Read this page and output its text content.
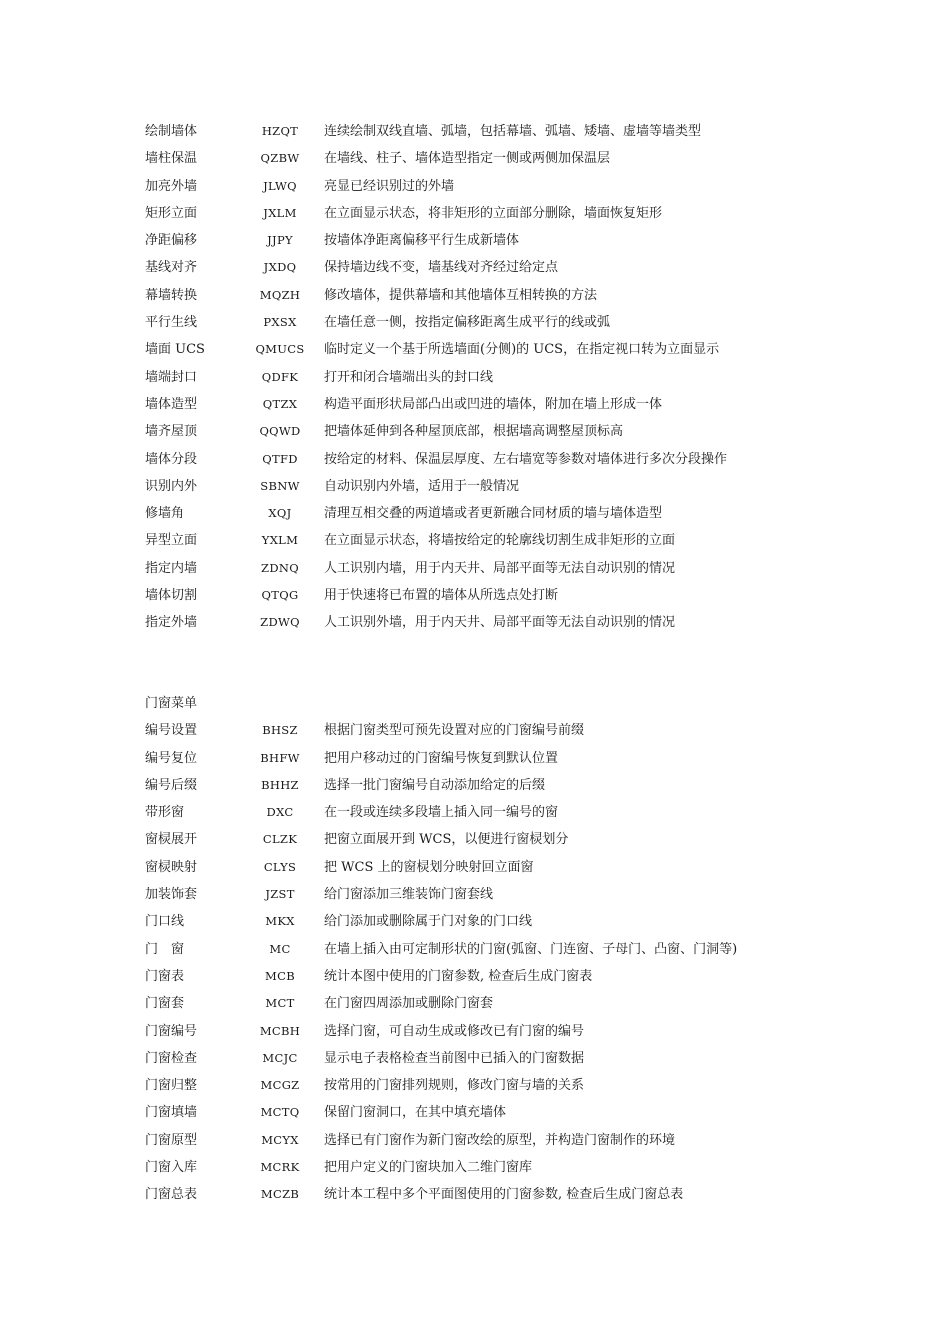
绘制墙体	HZQT	连续绘制双线直墙、弧墙，包括幕墙、弧墙、矮墙、虚墙等墙类型
墙柱保温	QZBW	在墙线、柱子、墙体造型指定一侧或两侧加保温层
加亮外墙	JLWQ	亮显已经识别过的外墙
矩形立面	JXLM	在立面显示状态，将非矩形的立面部分删除，墙面恢复矩形
净距偏移	JJPY	按墙体净距离偏移平行生成新墙体
基线对齐	JXDQ	保持墙边线不变，墙基线对齐经过给定点
幕墙转换	MQZH	修改墙体，提供幕墙和其他墙体互相转换的方法
平行生线	PXSX	在墙任意一侧，按指定偏移距离生成平行的线或弧
墙面 UCS	QMUCS	临时定义一个基于所选墙面(分侧)的 UCS，在指定视口转为立面显示
墙端封口	QDFK	打开和闭合墙端出头的封口线
墙体造型	QTZX	构造平面形状局部凸出或凹进的墙体，附加在墙上形成一体
墙齐屋顶	QQWD	把墙体延伸到各种屋顶底部，根据墙高调整屋顶标高
墙体分段	QTFD	按给定的材料、保温层厚度、左右墙宽等参数对墙体进行多次分段操作
识别内外	SBNW	自动识别内外墙，适用于一般情况
修墙角	XQJ	清理互相交叠的两道墙或者更新融合同材质的墙与墙体造型
异型立面	YXLM	在立面显示状态，将墙按给定的轮廓线切割生成非矩形的立面
指定内墙	ZDNQ	人工识别内墙，用于内天井、局部平面等无法自动识别的情况
墙体切割	QTQG	用于快速将已布置的墙体从所选点处打断
指定外墙	ZDWQ	人工识别外墙，用于内天井、局部平面等无法自动识别的情况
门窗菜单
编号设置	BHSZ	根据门窗类型可预先设置对应的门窗编号前缀
编号复位	BHFW	把用户移动过的门窗编号恢复到默认位置
编号后缀	BHHZ	选择一批门窗编号自动添加给定的后缀
带形窗	DXC	在一段或连续多段墙上插入同一编号的窗
窗棂展开	CLZK	把窗立面展开到 WCS，以便进行窗棂划分
窗棂映射	CLYS	把 WCS 上的窗棂划分映射回立面窗
加装饰套	JZST	给门窗添加三维装饰门窗套线
门口线	MKX	给门添加或删除属于门对象的门口线
门　窗	MC	在墙上插入由可定制形状的门窗(弧窗、门连窗、子母门、凸窗、门洞等)
门窗表	MCB	统计本图中使用的门窗参数, 检查后生成门窗表
门窗套	MCT	在门窗四周添加或删除门窗套
门窗编号	MCBH	选择门窗，可自动生成或修改已有门窗的编号
门窗检查	MCJC	显示电子表格检查当前图中已插入的门窗数据
门窗归整	MCGZ	按常用的门窗排列规则，修改门窗与墙的关系
门窗填墙	MCTQ	保留门窗洞口，在其中填充墙体
门窗原型	MCYX	选择已有门窗作为新门窗改绘的原型，并构造门窗制作的环境
门窗入库	MCRK	把用户定义的门窗块加入二维门窗库
门窗总表	MCZB	统计本工程中多个平面图使用的门窗参数, 检查后生成门窗总表
